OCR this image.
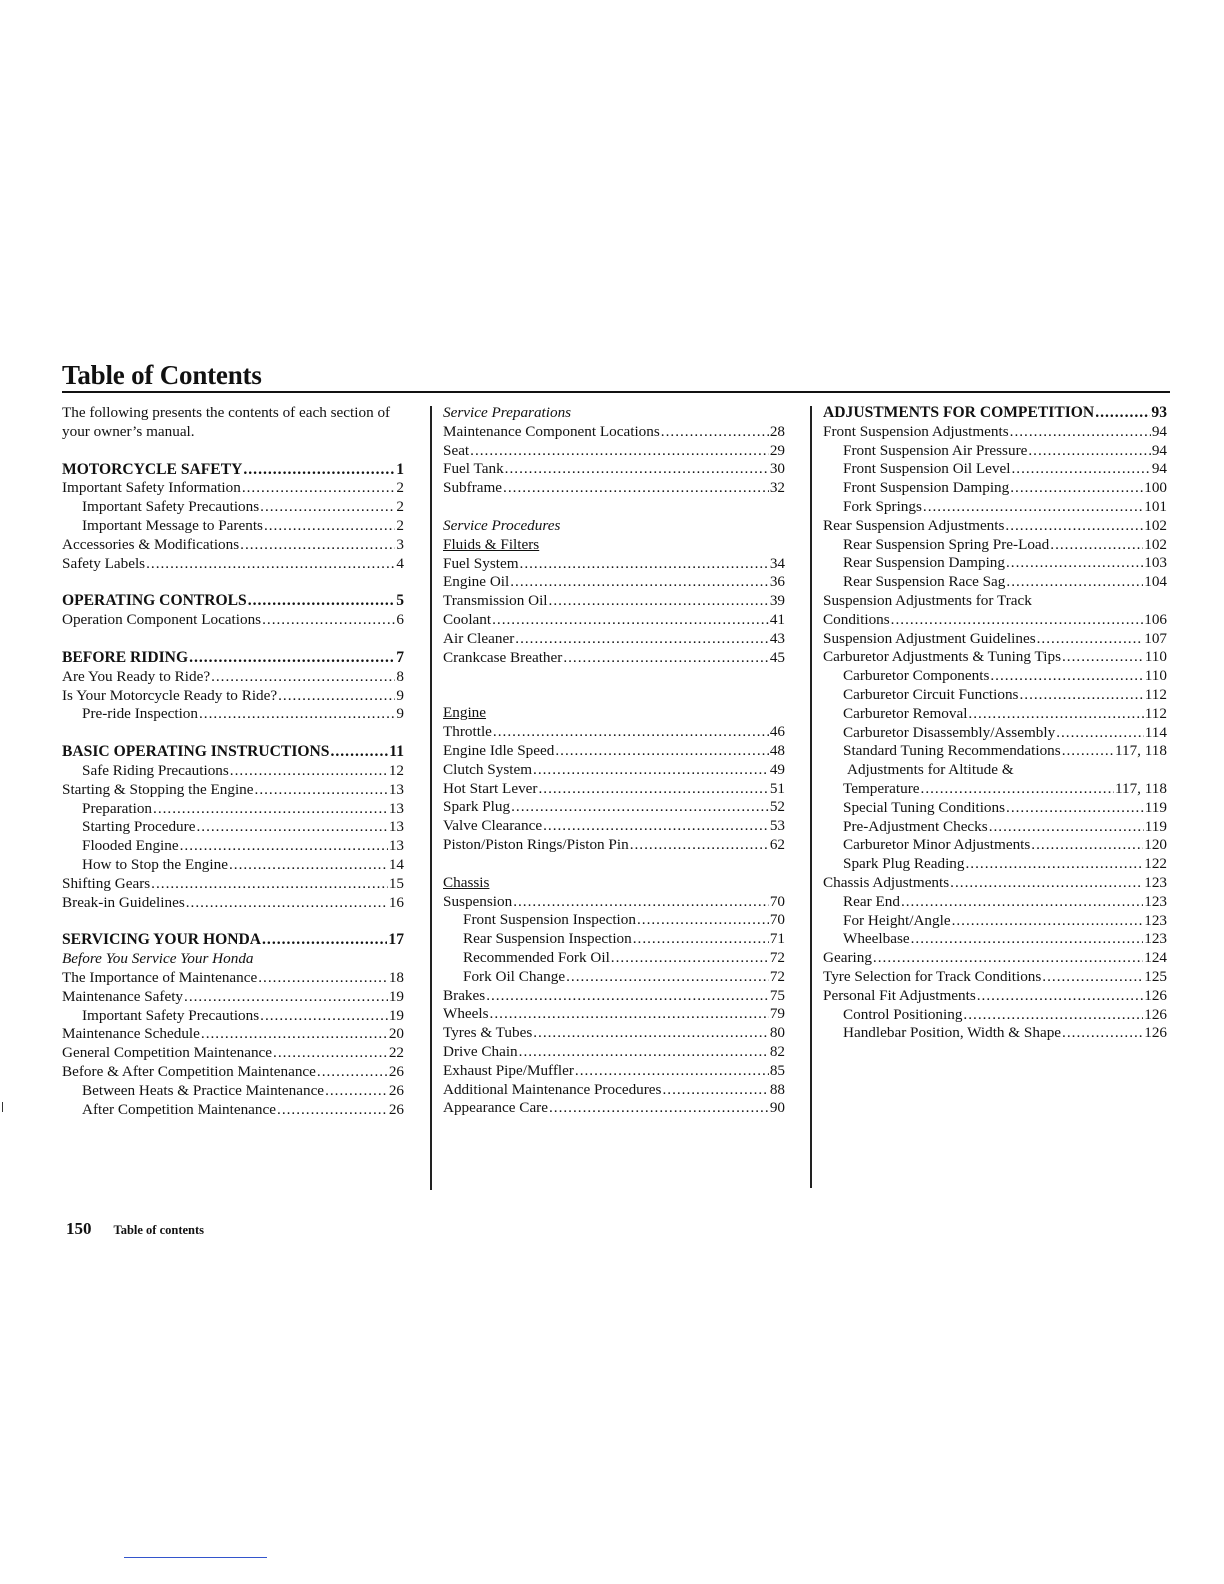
Table of Contents
The following presents the contents of each section of your owner’s manual.
MOTORCYCLE SAFETY .....	1
Important Safety Information .....	2
Important Safety Precautions .....	2
Important Message to Parents .....	2
Accessories & Modifications .....	3
Safety Labels .....	4
OPERATING CONTROLS .....	5
Operation Component Locations .....	6
BEFORE RIDING .....	7
Are You Ready to Ride? .....	8
Is Your Motorcycle Ready to Ride? .....	9
Pre-ride Inspection .....	9
BASIC OPERATING INSTRUCTIONS .....	11
Safe Riding Precautions .....	12
Starting & Stopping the Engine .....	13
Preparation .....	13
Starting Procedure .....	13
Flooded Engine .....	13
How to Stop the Engine .....	14
Shifting Gears .....	15
Break-in Guidelines .....	16
SERVICING YOUR HONDA .....	17
Before You Service Your Honda
The Importance of Maintenance .....	18
Maintenance Safety .....	19
Important Safety Precautions .....	19
Maintenance Schedule .....	20
General Competition Maintenance .....	22
Before & After Competition Maintenance .....	26
Between Heats & Practice Maintenance .....	26
After Competition Maintenance .....	26
Service Preparations
Maintenance Component Locations .....	28
Seat .....	29
Fuel Tank .....	30
Subframe .....	32
Service Procedures
Fluids & Filters
Fuel System .....	34
Engine Oil .....	36
Transmission Oil .....	39
Coolant .....	41
Air Cleaner .....	43
Crankcase Breather .....	45
Engine
Throttle .....	46
Engine Idle Speed .....	48
Clutch System .....	49
Hot Start Lever .....	51
Spark Plug .....	52
Valve Clearance .....	53
Piston/Piston Rings/Piston Pin .....	62
Chassis
Suspension .....	70
Front Suspension Inspection .....	70
Rear Suspension Inspection .....	71
Recommended Fork Oil .....	72
Fork Oil Change .....	72
Brakes .....	75
Wheels .....	79
Tyres & Tubes .....	80
Drive Chain .....	82
Exhaust Pipe/Muffler .....	85
Additional Maintenance Procedures .....	88
Appearance Care .....	90
ADJUSTMENTS FOR COMPETITION .....	93
Front Suspension Adjustments .....	94
Front Suspension Air Pressure .....	94
Front Suspension Oil Level .....	94
Front Suspension Damping .....	100
Fork Springs .....	101
Rear Suspension Adjustments .....	102
Rear Suspension Spring Pre-Load .....	102
Rear Suspension Damping .....	103
Rear Suspension Race Sag .....	104
Suspension Adjustments for Track
Conditions .....	106
Suspension Adjustment Guidelines .....	107
Carburetor Adjustments & Tuning Tips .....	110
Carburetor Components .....	110
Carburetor Circuit Functions .....	112
Carburetor Removal .....	112
Carburetor Disassembly/Assembly .....	114
Standard Tuning Recommendations .....	117, 118
Adjustments for Altitude &
Temperature .....	117, 118
Special Tuning Conditions .....	119
Pre-Adjustment Checks .....	119
Carburetor Minor Adjustments .....	120
Spark Plug Reading .....	122
Chassis Adjustments .....	123
Rear End .....	123
For Height/Angle .....	123
Wheelbase .....	123
Gearing .....	124
Tyre Selection for Track Conditions .....	125
Personal Fit Adjustments .....	126
Control Positioning .....	126
Handlebar Position, Width & Shape .....	126
150 Table of contents
